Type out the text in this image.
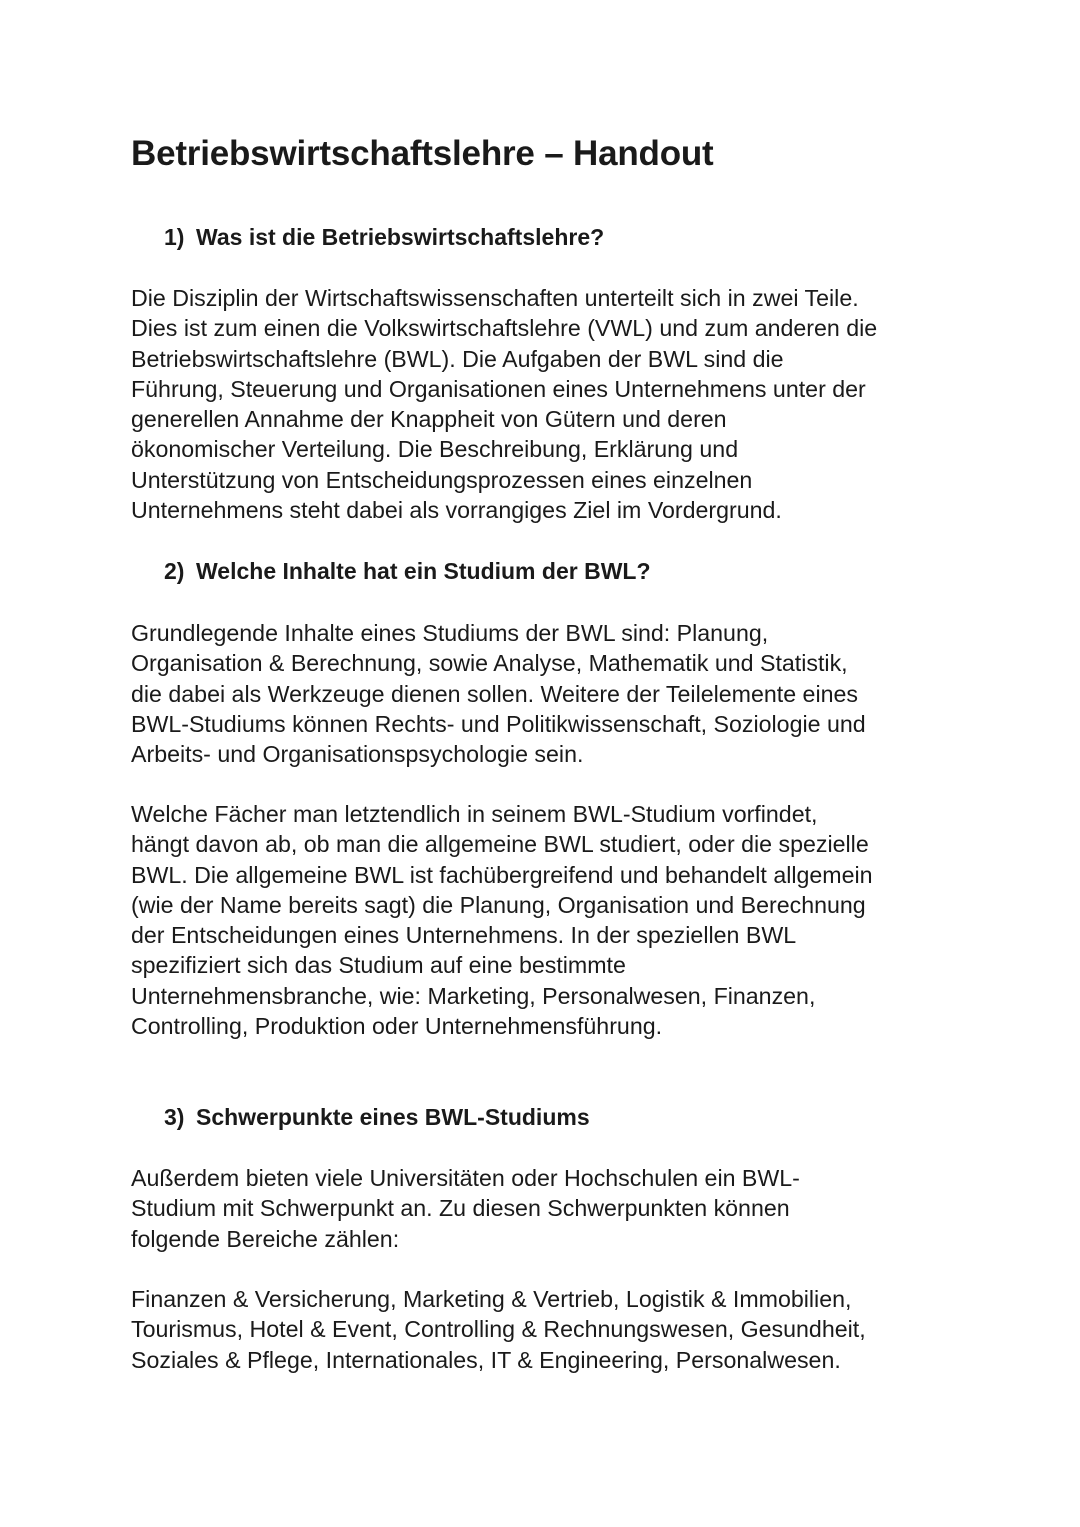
Betriebswirtschaftslehre – Handout
1) Was ist die Betriebswirtschaftslehre?

Die Disziplin der Wirtschaftswissenschaften unterteilt sich in zwei Teile.
Dies ist zum einen die Volkswirtschaftslehre (VWL) und zum anderen die
Betriebswirtschaftslehre (BWL). Die Aufgaben der BWL sind die
Führung, Steuerung und Organisationen eines Unternehmens unter der
generellen Annahme der Knappheit von Gütern und deren
ökonomischer Verteilung. Die Beschreibung, Erklärung und
Unterstützung von Entscheidungsprozessen eines einzelnen
Unternehmens steht dabei als vorrangiges Ziel im Vordergrund.

2) Welche Inhalte hat ein Studium der BWL?

Grundlegende Inhalte eines Studiums der BWL sind: Planung,
Organisation & Berechnung, sowie Analyse, Mathematik und Statistik,
die dabei als Werkzeuge dienen sollen. Weitere der Teilelemente eines
BWL-Studiums können Rechts- und Politikwissenschaft, Soziologie und
Arbeits- und Organisationspsychologie sein.

Welche Fächer man letztendlich in seinem BWL-Studium vorfindet,
hängt davon ab, ob man die allgemeine BWL studiert, oder die spezielle
BWL. Die allgemeine BWL ist fachübergreifend und behandelt allgemein
(wie der Name bereits sagt) die Planung, Organisation und Berechnung
der Entscheidungen eines Unternehmens. In der speziellen BWL
spezifiziert sich das Studium auf eine bestimmte
Unternehmensbranche, wie: Marketing, Personalwesen, Finanzen,
Controlling, Produktion oder Unternehmensführung.

3) Schwerpunkte eines BWL-Studiums

Außerdem bieten viele Universitäten oder Hochschulen ein BWL-
Studium mit Schwerpunkt an. Zu diesen Schwerpunkten können
folgende Bereiche zählen:

Finanzen & Versicherung, Marketing & Vertrieb, Logistik & Immobilien,
Tourismus, Hotel & Event, Controlling & Rechnungswesen, Gesundheit,
Soziales & Pflege, Internationales, IT & Engineering, Personalwesen.
